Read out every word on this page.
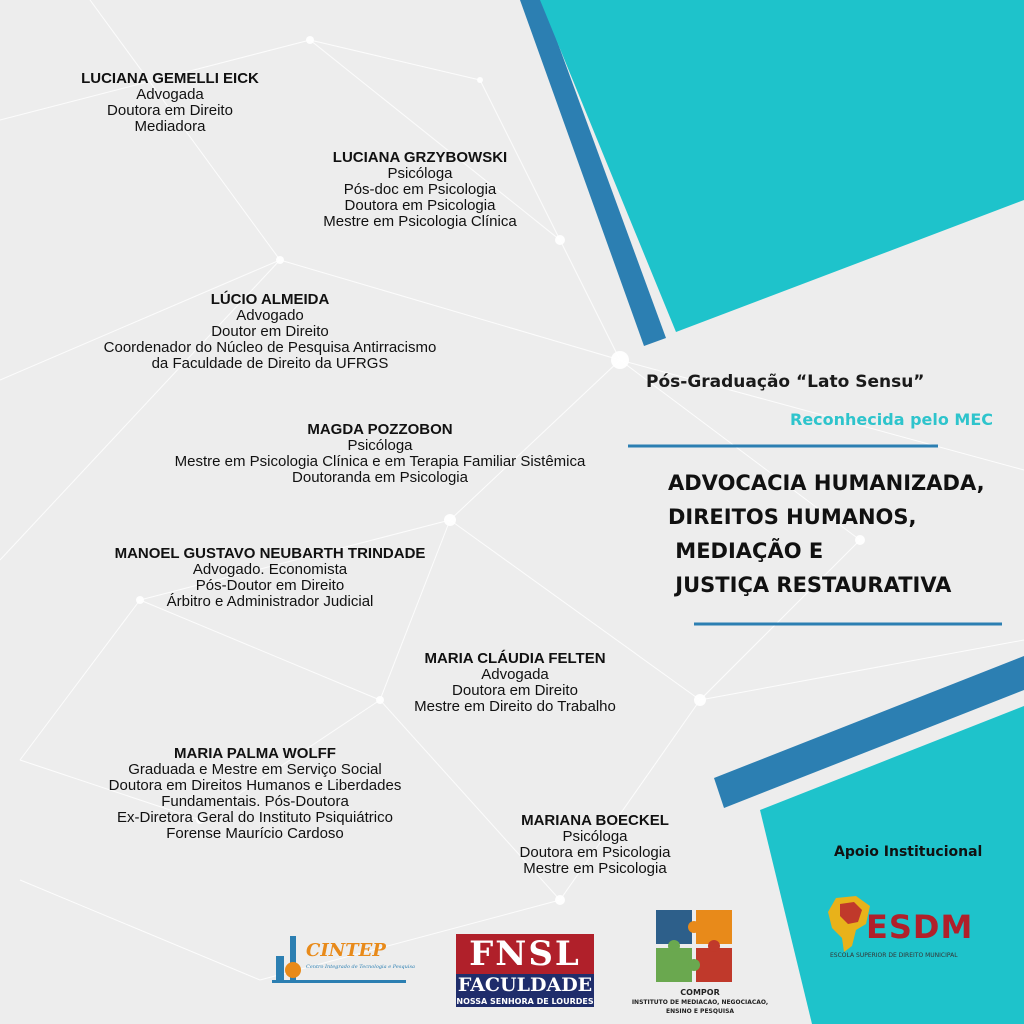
LUCIANA GEMELLI EICK
Advogada
Doutora em Direito
Mediadora
LUCIANA GRZYBOWSKI
Psicóloga
Pós-doc em Psicologia
Doutora em Psicologia
Mestre em Psicologia Clínica
LÚCIO ALMEIDA
Advogado
Doutor em Direito
Coordenador do Núcleo de Pesquisa Antirracismo
da Faculdade de Direito da UFRGS
MAGDA POZZOBON
Psicóloga
Mestre em Psicologia Clínica e em Terapia Familiar Sistêmica
Doutoranda em Psicologia
MANOEL GUSTAVO NEUBARTH TRINDADE
Advogado. Economista
Pós-Doutor em Direito
Árbitro e Administrador Judicial
MARIA CLÁUDIA FELTEN
Advogada
Doutora em Direito
Mestre em Direito do Trabalho
MARIA PALMA WOLFF
Graduada e Mestre em Serviço Social
Doutora em Direitos Humanos e Liberdades
Fundamentais. Pós-Doutora
Ex-Diretora Geral do Instituto Psiquiátrico
Forense Maurício Cardoso
MARIANA BOECKEL
Psicóloga
Doutora em Psicologia
Mestre em Psicologia
Pós-Graduação “Lato Sensu”
Reconhecida pelo MEC
ADVOCACIA HUMANIZADA,
DIREITOS HUMANOS,
MEDIAÇÃO E
JUSTIÇA RESTAURATIVA
Apoio Institucional
CINTEP
Centro Integrado de Tecnologia e Pesquisa	FNSL
FACULDADE
NOSSA SENHORA DE LOURDES
COMPOR
INSTITUTO DE MEDIACAO, NEGOCIACAO,
ENSINO E PESQUISA
ESDM
ESCOLA SUPERIOR DE DIREITO MUNICIPAL
